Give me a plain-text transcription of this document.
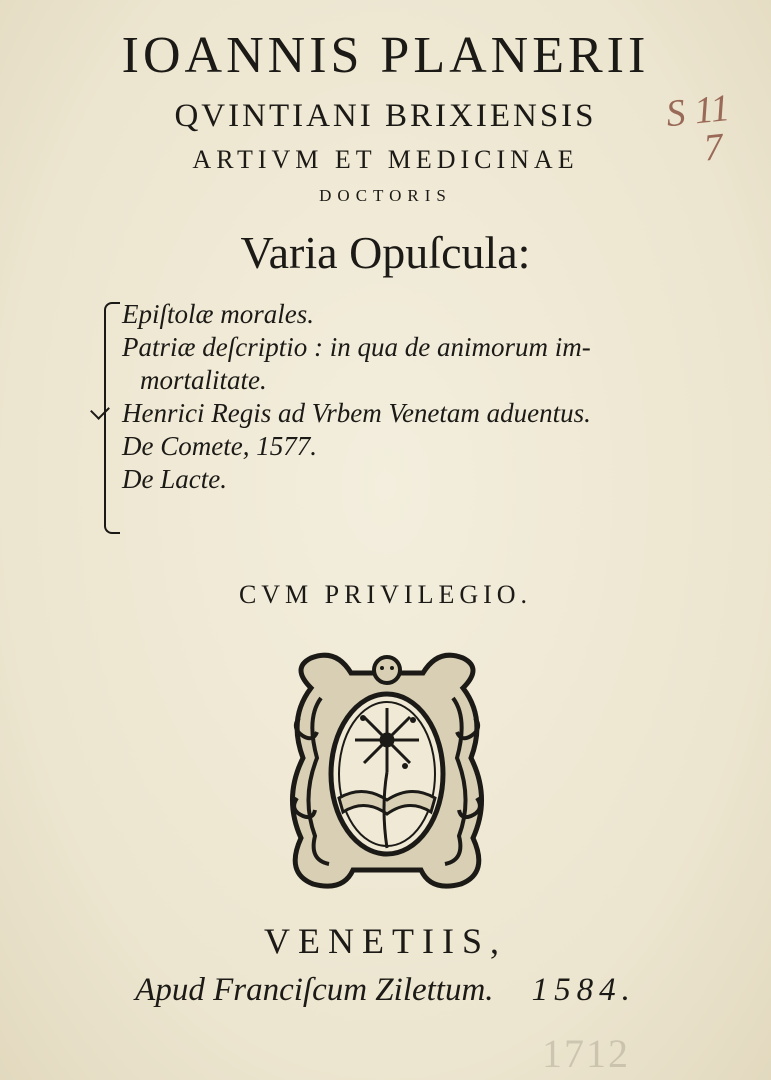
IOANNIS PLANERII
QVINTIANI BRIXIENSIS
ARTIVM ET MEDICINAE
DOCTORIS
Varia Opuſcula:
S 11
7
Epiſtolæ morales.
Patriæ deſcriptio : in qua de animorum im-
mortalitate.
Henrici Regis ad Vrbem Venetam aduentus.
De Comete, 1577.
De Lacte.
CVM PRIVILEGIO.
VENETIIS,
Apud Franciſcum Zilettum. 1584.
1712
